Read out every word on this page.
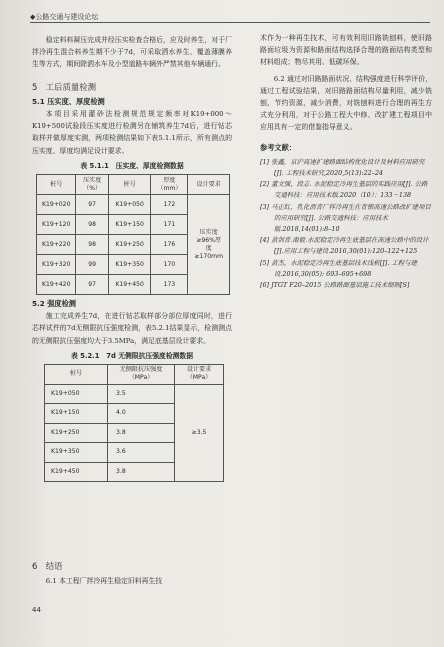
◆公路交通与建设论坛

稳定料料凝压完成并经压实检查合格后，应及时养生，对于厂拌冷再生混合料养生期不少于7d，可采取洒水养生、覆盖薄膜养生等方式，期间除洒水车及小型道路车辆外严禁其他车辆通行。

5　工后质量检测
5.1 压实度、厚度检测

本项目采用灌砂法检测规范规定频率对K19+000～K19+500试验段压实度进行检测另在铺筑养生7d后，进行钻芯取样并做厚度实测，两项检测结果如下表5.1.1所示，所有测点的压实度、厚度均满足设计要求。

表 5.1.1　压实度、厚度检测数据
桩号	压实度（%）	桩号	厚度（mm）	设计要求
K19+020	97	K19+050	172	压实度≥96%厚度≥170mm
K19+120	98	K19+150	171	
K19+220	98	K19+250	176	
K19+320	99	K19+350	170	
K19+420	97	K19+450	173	
5.2 强度检测

施工完成养生7d，在进行钻芯取样部分部位厚度同时，进行芯样试件的7d无侧限抗压强度检测，表5.2.1结果显示，检测测点的无侧限抗压强度均大于3.5MPa，满足底基层设计要求。

表 5.2.1　7d 无侧限抗压强度检测数据
桩号	无侧限抗压强度（MPa）	设计要求（MPa）
K19+050	3.5	≥3.5
K19+150	4.0	
K19+250	3.8	
K19+350	3.6	
K19+450	3.8	
6　结语

6.1 本工程厂拌冷再生稳定旧料再生技

44

术作为一种再生技术，可有效利用旧路铣刨料，使旧路路面垃圾为资源和路面结构选择合理的路面结构类型和材料组成；物尽其用、低碳环保。

6.2 通过对旧路路面状况、结构强度进行科学评价，通过工程试验结果，对旧路路面结构尽量利用，减少铣刨，节约资源，减少消费，对铣刨料进行合理的再生方式充分利用，对于公路工程大中修、改扩建工程项目中应用具有一定的借鉴指导意义。

参考文献：

[1] 张鑫，京沪高速扩建路面结构优化设计及材料应用研究[J]. 工程技术研究,2020,5(13):22–24

[2] 董文强，段志. 水泥稳定冷再生基层的实践应用[J]. 公路交通科技：应用技术版.2020（10）：133～138

[3] 马正红，乳化沥青厂拌冷再生在青银高速公路改扩建项目的应用研究[J]. 公路交通科技：应用技术版.2018,14(01):8–10

[4] 黄剑青.南毅.水泥稳定冷再生底基层在高速公路中的设计[J].应用工程与建设.2016,30(01):120–122+125

[5] 黄杰，水泥稳定冷再生底基层技术浅析[J]. 工程与建设.2016,30(05): 693–695+698

[6] JTGT F20–2015 公路路面基层施工技术细则[S]
